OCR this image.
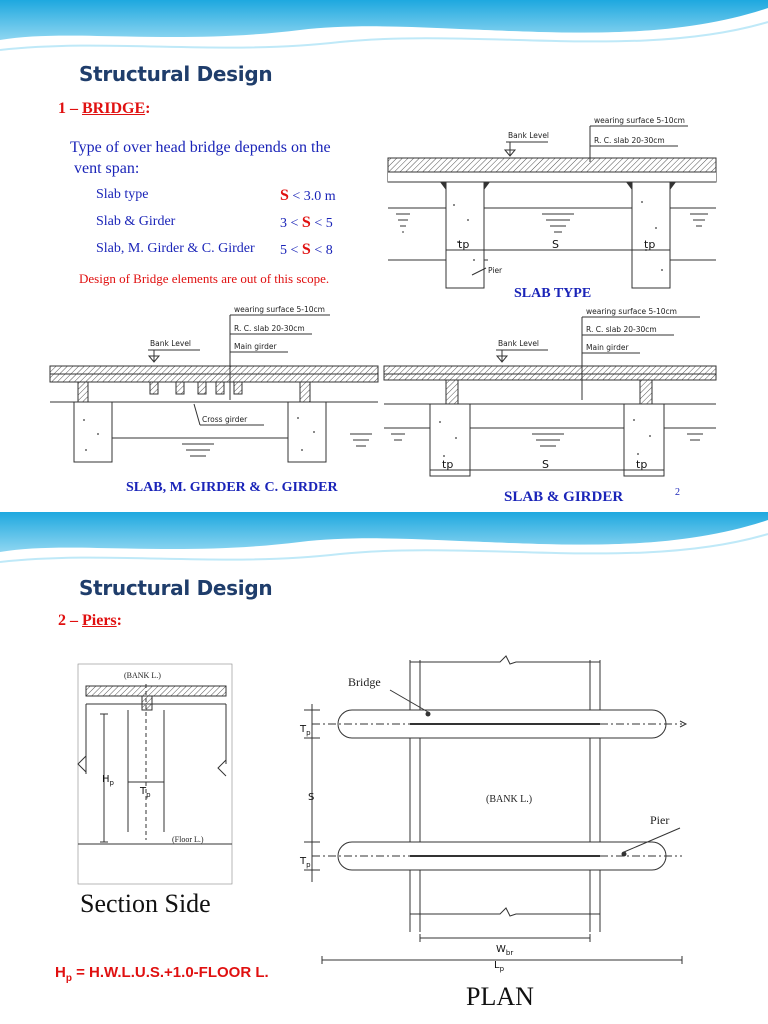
Structural Design
1 – BRIDGE:
Type of over head bridge depends on the
vent span:
Slab type	S < 3.0 m
Slab & Girder	3 < S < 5
Slab, M. Girder & C. Girder 5 < S < 8
Design of Bridge elements are out of this scope.
tp	S	tp
Pier
wearing surface 5-10cm
R. C. slab 20-30cm
Bank Level
SLAB TYPE
wearing surface 5-10cm
R. C. slab 20-30cm
Main girder
Bank Level
Cross girder
SLAB, M. GIRDER & C. GIRDER
tp	S	tp
wearing surface 5-10cm
R. C. slab 20-30cm
Main girder
Bank Level
SLAB & GIRDER	2
Structural Design
2 – Piers:
(BANK L.)
$H_p$
$T_p$
(Floor L.)
Section Side
$T_p$
S
$T_p$
Bridge
(BANK L.)
Pier
$W_{br}$
$L_p$
PLAN
$H_p$ = H.W.L.U.S.+1.0-FLOOR L.
